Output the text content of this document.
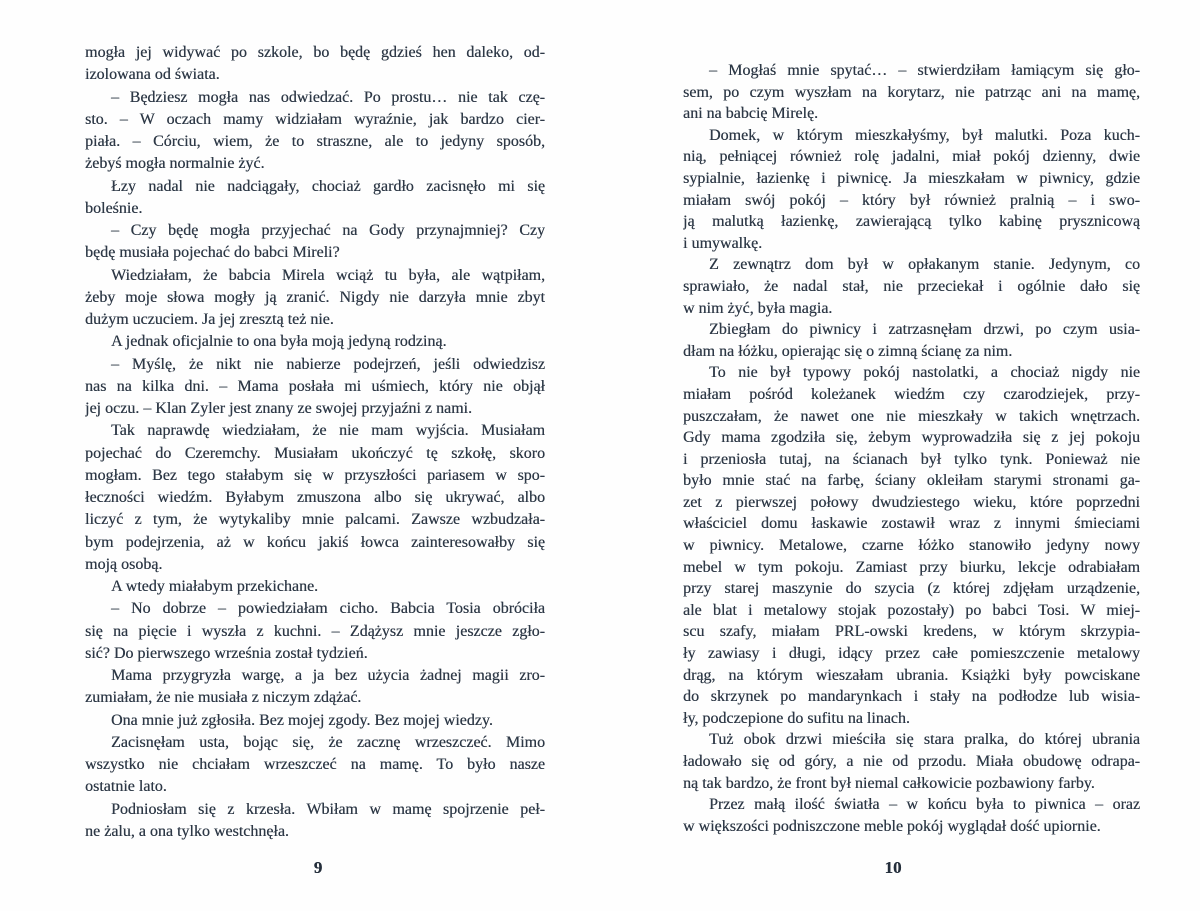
mogła jej widywać po szkole, bo będę gdzieś hen daleko, od-
izolowana od świata.
– Będziesz mogła nas odwiedzać. Po prostu… nie tak czę-
sto. – W oczach mamy widziałam wyraźnie, jak bardzo cier-
piała. – Córciu, wiem, że to straszne, ale to jedyny sposób,
żebyś mogła normalnie żyć.
Łzy nadal nie nadciągały, chociaż gardło zacisnęło mi się
boleśnie.
– Czy będę mogła przyjechać na Gody przynajmniej? Czy
będę musiała pojechać do babci Mireli?
Wiedziałam, że babcia Mirela wciąż tu była, ale wątpiłam,
żeby moje słowa mogły ją zranić. Nigdy nie darzyła mnie zbyt
dużym uczuciem. Ja jej zresztą też nie.
A jednak oficjalnie to ona była moją jedyną rodziną.
– Myślę, że nikt nie nabierze podejrzeń, jeśli odwiedzisz
nas na kilka dni. – Mama posłała mi uśmiech, który nie objął
jej oczu. – Klan Zyler jest znany ze swojej przyjaźni z nami.
Tak naprawdę wiedziałam, że nie mam wyjścia. Musiałam
pojechać do Czeremchy. Musiałam ukończyć tę szkołę, skoro
mogłam. Bez tego stałabym się w przyszłości pariasem w spo-
łeczności wiedźm. Byłabym zmuszona albo się ukrywać, albo
liczyć z tym, że wytykaliby mnie palcami. Zawsze wzbudzała-
bym podejrzenia, aż w końcu jakiś łowca zainteresowałby się
moją osobą.
A wtedy miałabym przekichane.
– No dobrze – powiedziałam cicho. Babcia Tosia obróciła
się na pięcie i wyszła z kuchni. – Zdążysz mnie jeszcze zgło-
sić? Do pierwszego września został tydzień.
Mama przygryzła wargę, a ja bez użycia żadnej magii zro-
zumiałam, że nie musiała z niczym zdążać.
Ona mnie już zgłosiła. Bez mojej zgody. Bez mojej wiedzy.
Zacisnęłam usta, bojąc się, że zacznę wrzeszczeć. Mimo
wszystko nie chciałam wrzeszczeć na mamę. To było nasze
ostatnie lato.
Podniosłam się z krzesła. Wbiłam w mamę spojrzenie peł-
ne żalu, a ona tylko westchnęła.
– Mogłaś mnie spytać… – stwierdziłam łamiącym się gło-
sem, po czym wyszłam na korytarz, nie patrząc ani na mamę,
ani na babcię Mirelę.
Domek, w którym mieszkałyśmy, był malutki. Poza kuch-
nią, pełniącej również rolę jadalni, miał pokój dzienny, dwie
sypialnie, łazienkę i piwnicę. Ja mieszkałam w piwnicy, gdzie
miałam swój pokój – który był również pralnią – i swo-
ją malutką łazienkę, zawierającą tylko kabinę prysznicową
i umywalkę.
Z zewnątrz dom był w opłakanym stanie. Jedynym, co
sprawiało, że nadal stał, nie przeciekał i ogólnie dało się
w nim żyć, była magia.
Zbiegłam do piwnicy i zatrzasnęłam drzwi, po czym usia-
dłam na łóżku, opierając się o zimną ścianę za nim.
To nie był typowy pokój nastolatki, a chociaż nigdy nie
miałam pośród koleżanek wiedźm czy czarodziejek, przy-
puszczałam, że nawet one nie mieszkały w takich wnętrzach.
Gdy mama zgodziła się, żebym wyprowadziła się z jej pokoju
i przeniosła tutaj, na ścianach był tylko tynk. Ponieważ nie
było mnie stać na farbę, ściany okleiłam starymi stronami ga-
zet z pierwszej połowy dwudziestego wieku, które poprzedni
właściciel domu łaskawie zostawił wraz z innymi śmieciami
w piwnicy. Metalowe, czarne łóżko stanowiło jedyny nowy
mebel w tym pokoju. Zamiast przy biurku, lekcje odrabiałam
przy starej maszynie do szycia (z której zdjęłam urządzenie,
ale blat i metalowy stojak pozostały) po babci Tosi. W miej-
scu szafy, miałam PRL-owski kredens, w którym skrzypia-
ły zawiasy i długi, idący przez całe pomieszczenie metalowy
drąg, na którym wieszałam ubrania. Książki były powciskane
do skrzynek po mandarynkach i stały na podłodze lub wisia-
ły, podczepione do sufitu na linach.
Tuż obok drzwi mieściła się stara pralka, do której ubrania
ładowało się od góry, a nie od przodu. Miała obudowę odrapa-
ną tak bardzo, że front był niemal całkowicie pozbawiony farby.
Przez małą ilość światła – w końcu była to piwnica – oraz
w większości podniszczone meble pokój wyglądał dość upiornie.
9	10
